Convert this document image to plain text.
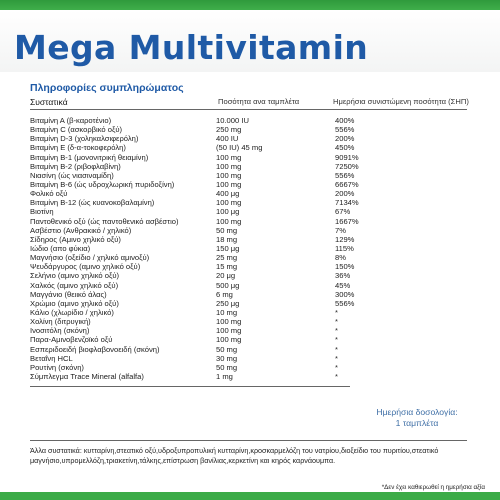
Mega Multivitamin
Πληροφορίες συμπληρώματος
Συστατικά	Ποσότητα ανα ταμπλέτα	Ημερήσια συνιστώμενη ποσότητα (ΣΗΠ)
Βιταμίνη Α (β-καροτένιο)	10.000 IU	400%
Βιταμίνη C (ασκορβικό οξύ)	250 mg	556%
Βιταμίνη D-3 (χοληκαλσιφερόλη)	400 IU	200%
Βιταμίνη Ε (δ-α-τοκοφερόλη)	(50 IU) 45 mg	450%
Βιταμίνη Β-1 (μονονιτρική θειαμίνη)	100 mg	9091%
Βιταμίνη Β-2 (ριβοφλαβίνη)	100 mg	7250%
Νιασίνη (ώς νιασιναμίδη)	100 mg	556%
Βιταμίνη Β-6 (ώς υδροχλωρική πυριδοξίνη)	100 mg	6667%
Φολικό οξύ	400 μg	200%
Βιταμίνη Β-12 (ώς κυανοκοβαλαμίνη)	100 mg	7134%
Βιοτίνη	100 μg	67%
Παντοθενικό οξύ (ώς παντοθενικό ασβέστιο)	100 mg	1667%
Ασβέστιο (Ανθρακικό / χηλικό)	50 mg	7%
Σίδηρος (Αμινο χηλικό οξύ)	18 mg	129%
Ιώδιο (απο φύκια)	150 μg	115%
Μαγνήσιο (οξείδιο / χηλικό αμινοξύ)	25 mg	8%
Ψευδάργυρος (αμινο χηλικό οξύ)	15 mg	150%
Σελήνιο (αμινο χηλικό οξύ)	20 μg	36%
Χαλκός (αμινο χηλικό οξύ)	500 μg	45%
Μαγγάνιο (θειικό άλας)	6 mg	300%
Χρώμιο (αμινο χηλικό οξύ)	250 μg	556%
Κάλιο (χλωρίδιο / χηλικό)	10 mg	*
Χολίνη (διτρυγική)	100 mg	*
Ινοσιτόλη (σκόνη)	100 mg	*
Παρα-Αμινοβενζοϊκό οξύ	100 mg	*
Εσπεριδοειδή βιοφλαβονοειδή (σκόνη)	50 mg	*
Βεταΐνη HCL	30 mg	*
Ρουτίνη (σκόνη)	50 mg	*
Σύμπλεγμα Trace Mineral (alfalfa)	1 mg	*
Ημερήσια δοσολογία:
1 ταμπλέτα
Άλλα συστατικά: κυτταρίνη,στεατικό οξύ,υδροξυπροπυλική κυτταρίνη,κροσκαρμελόζη του νατρίου,διοξείδιο του πυριτίου,στεατικό μαγνήσιο,υπρομελλόζη,τριακετίνη,τάλκης,επίστρωση βανίλιας,κερκετίνη και κηρός καρνάουμπα.
*Δεν έχει καθιερωθεί η ημερήσια αξία
